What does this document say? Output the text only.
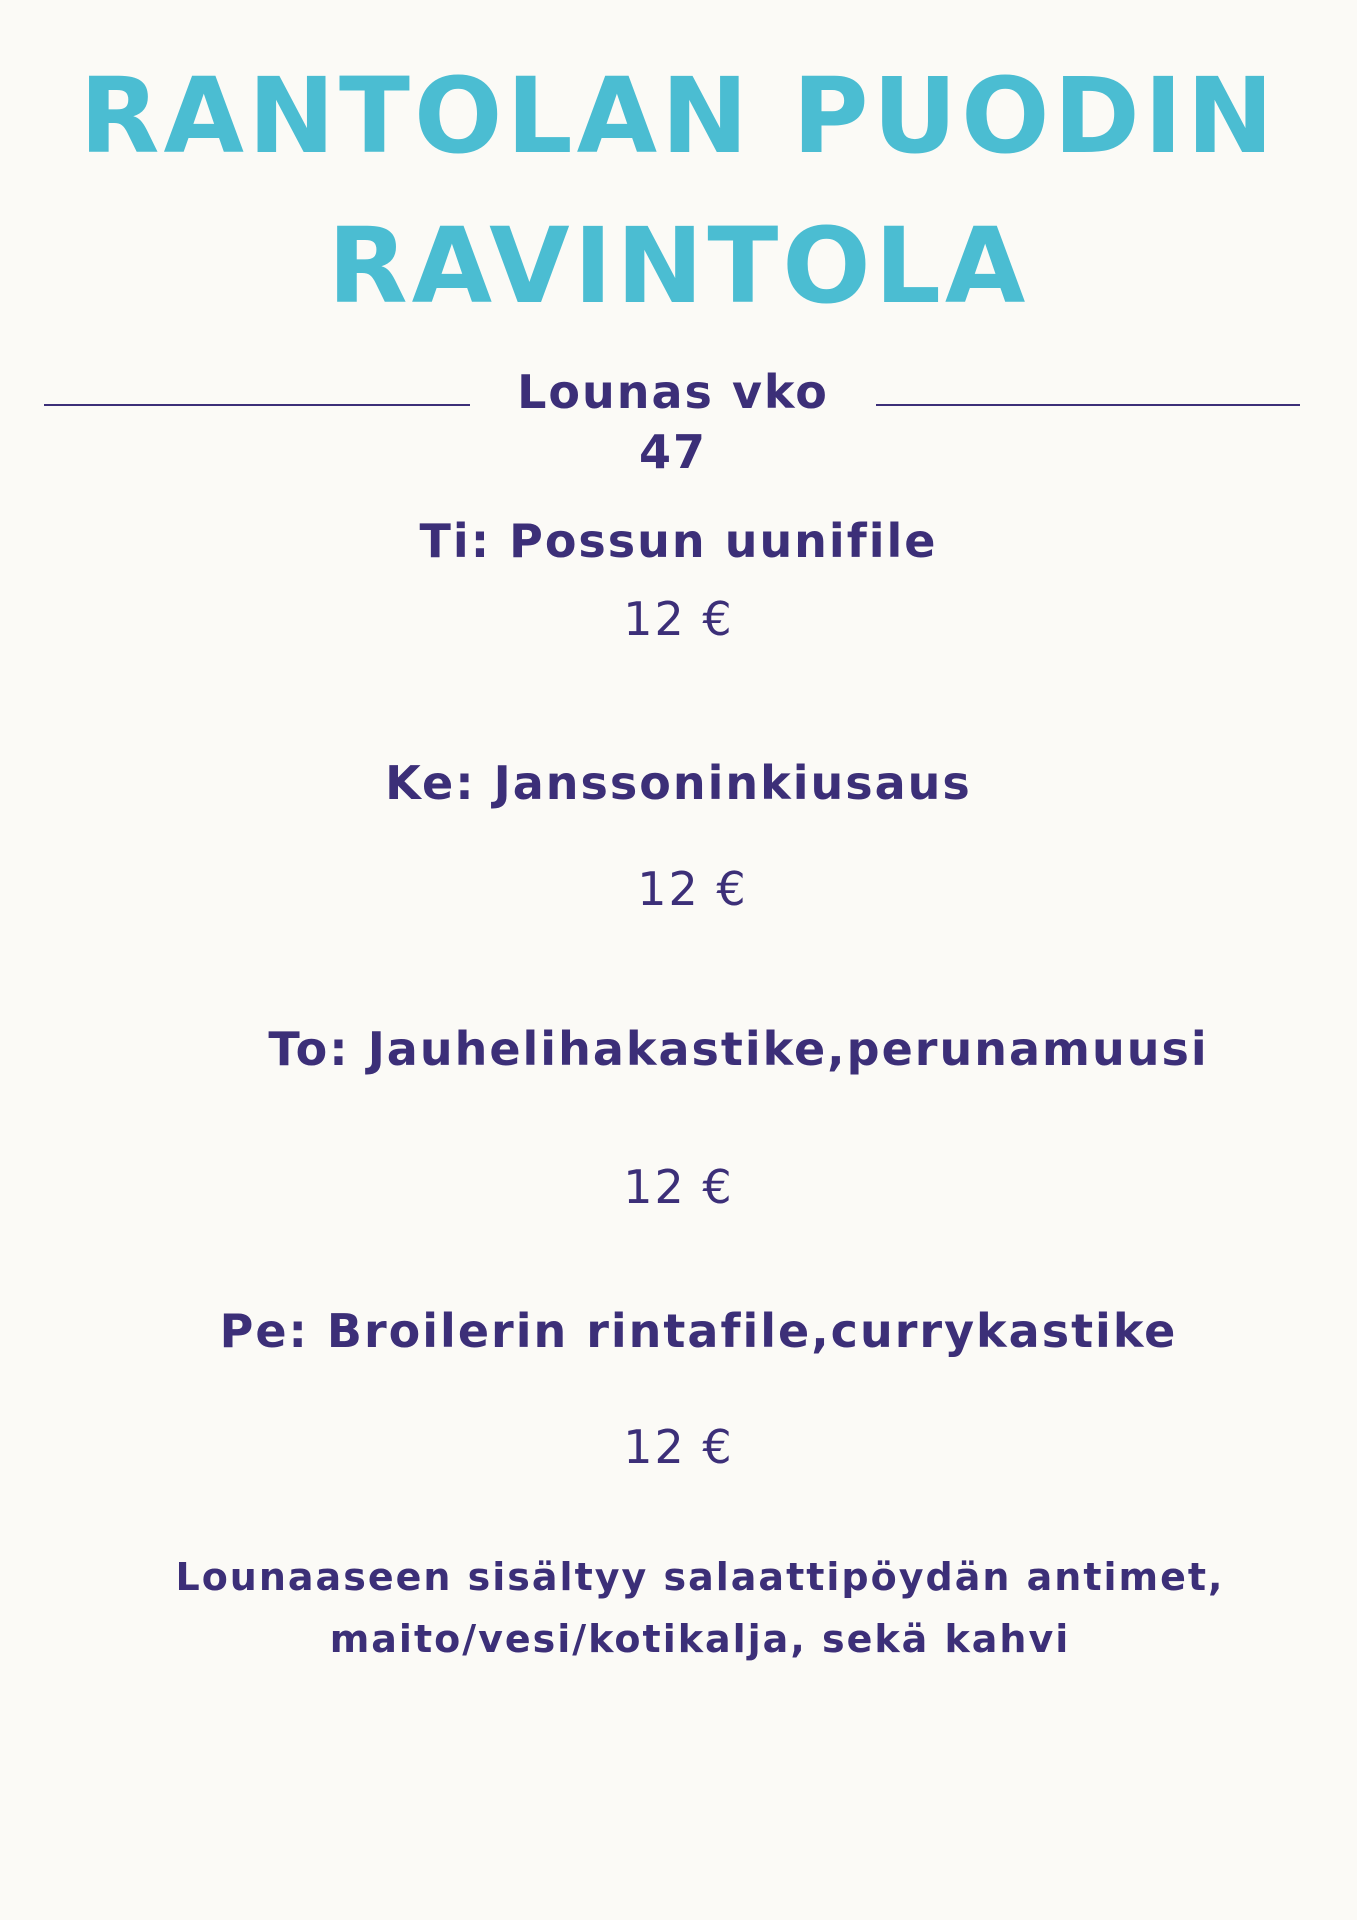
RANTOLAN PUODIN
RAVINTOLA
Lounas vko 47

Ti: Possun uunifile

12 €

Ke: Janssoninkiusaus

12 €

To: Jauhelihakastike,perunamuusi

12 €

Pe: Broilerin rintafile,currykastike

12 €

Lounaaseen sisältyy salaattipöydän antimet,
maito/vesi/kotikalja, sekä kahvi
